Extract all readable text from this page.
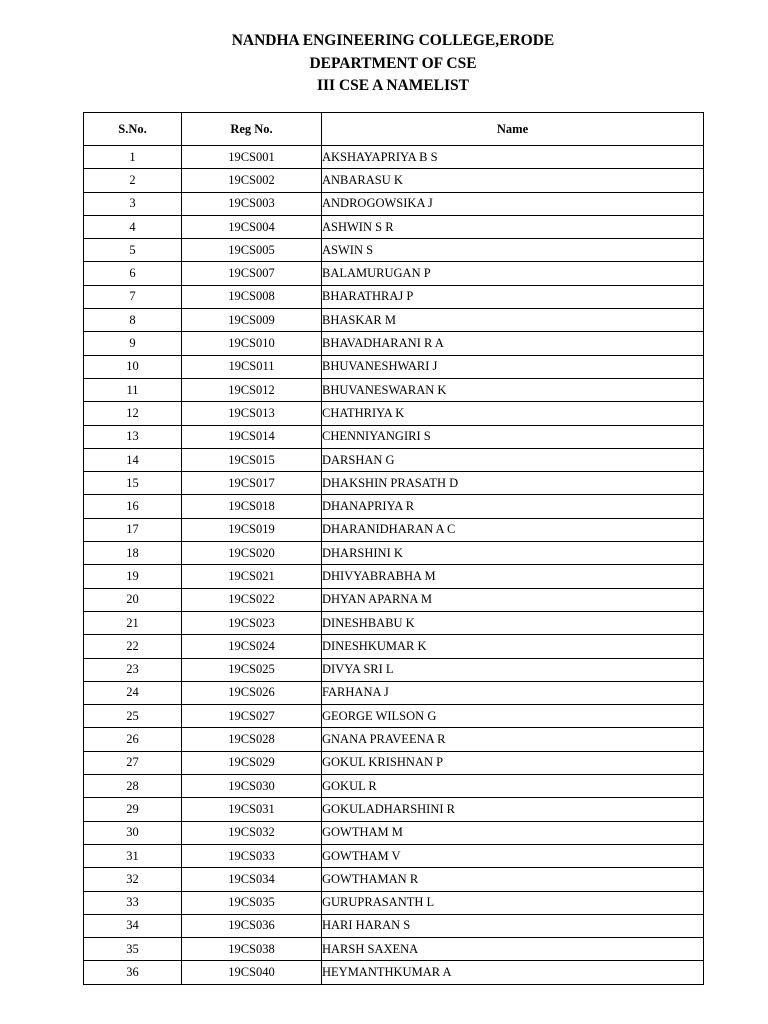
NANDHA ENGINEERING COLLEGE,ERODE
DEPARTMENT OF CSE
III CSE A NAMELIST
S.No.	Reg No.	Name
1	19CS001	AKSHAYAPRIYA B S
2	19CS002	ANBARASU K
3	19CS003	ANDROGOWSIKA J
4	19CS004	ASHWIN S R
5	19CS005	ASWIN S
6	19CS007	BALAMURUGAN P
7	19CS008	BHARATHRAJ P
8	19CS009	BHASKAR M
9	19CS010	BHAVADHARANI R A
10	19CS011	BHUVANESHWARI J
11	19CS012	BHUVANESWARAN K
12	19CS013	CHATHRIYA K
13	19CS014	CHENNIYANGIRI S
14	19CS015	DARSHAN G
15	19CS017	DHAKSHIN PRASATH D
16	19CS018	DHANAPRIYA R
17	19CS019	DHARANIDHARAN A C
18	19CS020	DHARSHINI K
19	19CS021	DHIVYABRABHA M
20	19CS022	DHYAN APARNA M
21	19CS023	DINESHBABU K
22	19CS024	DINESHKUMAR K
23	19CS025	DIVYA SRI L
24	19CS026	FARHANA J
25	19CS027	GEORGE WILSON G
26	19CS028	GNANA PRAVEENA R
27	19CS029	GOKUL KRISHNAN P
28	19CS030	GOKUL R
29	19CS031	GOKULADHARSHINI R
30	19CS032	GOWTHAM M
31	19CS033	GOWTHAM V
32	19CS034	GOWTHAMAN R
33	19CS035	GURUPRASANTH L
34	19CS036	HARI HARAN S
35	19CS038	HARSH SAXENA
36	19CS040	HEYMANTHKUMAR A
